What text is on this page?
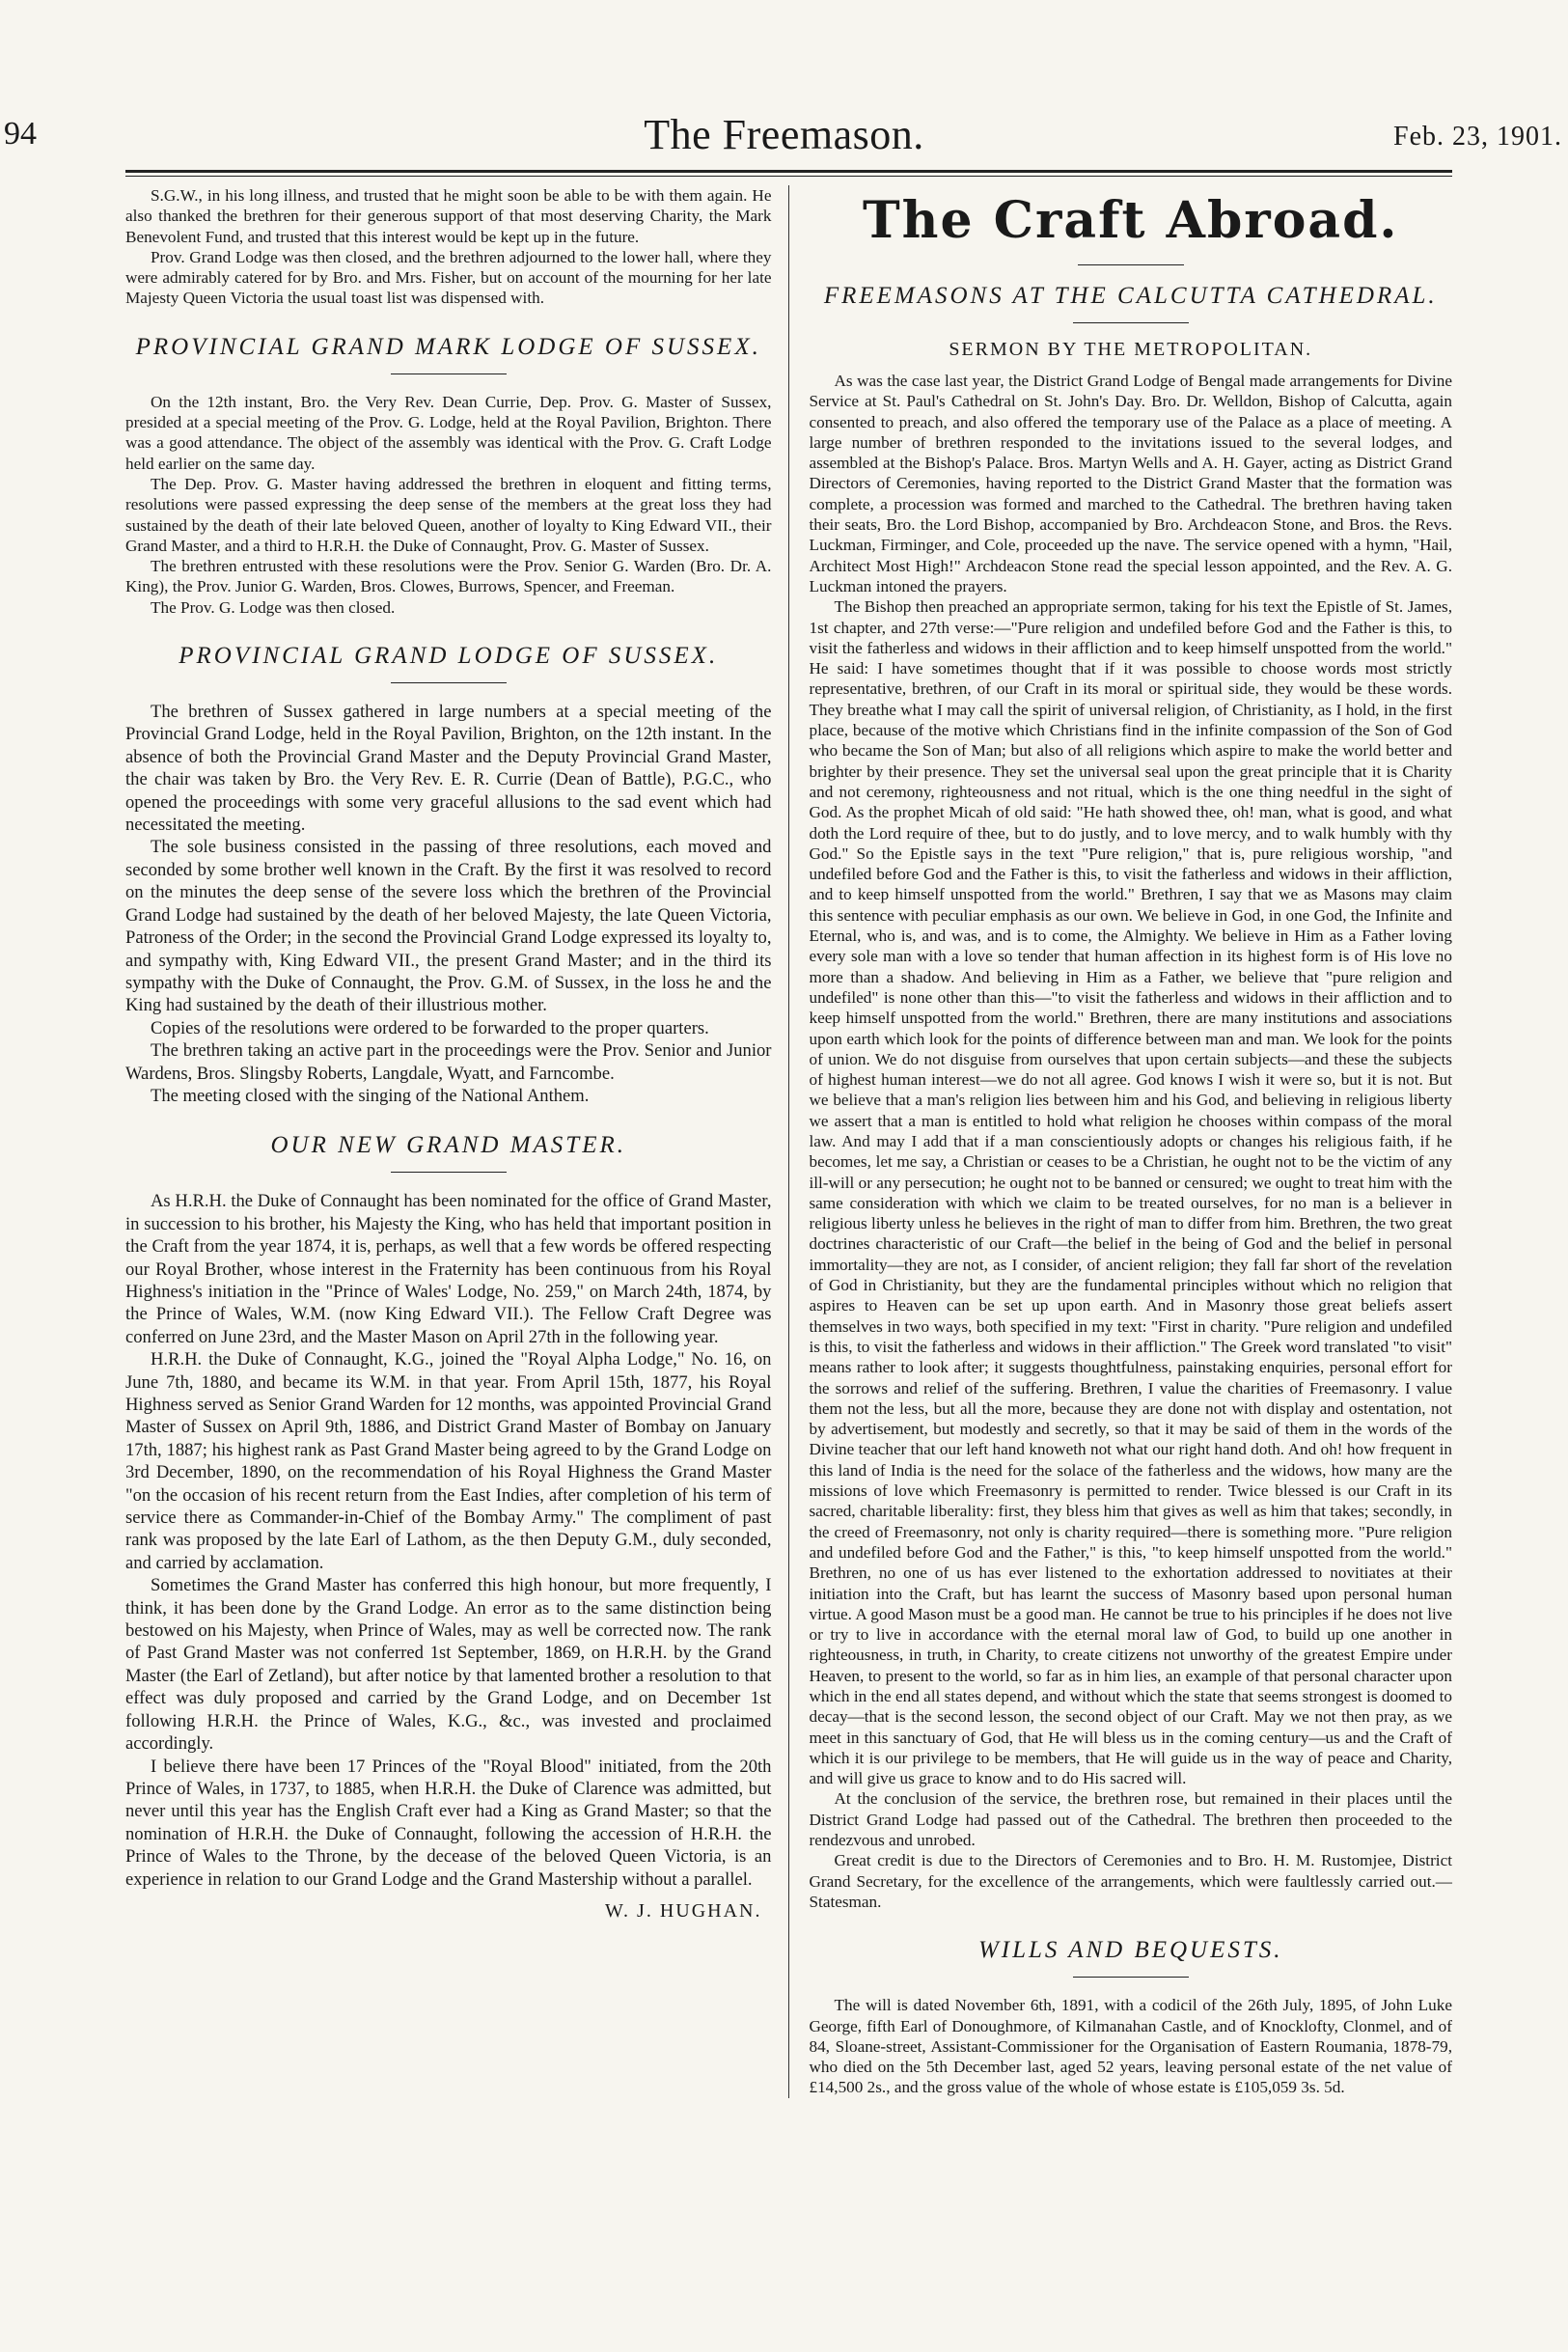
94	The Freemason.	Feb. 23, 1901.

S.G.W., in his long illness, and trusted that he might soon be able to be with them again. He also thanked the brethren for their generous support of that most deserving Charity, the Mark Benevolent Fund, and trusted that this interest would be kept up in the future.

Prov. Grand Lodge was then closed, and the brethren adjourned to the lower hall, where they were admirably catered for by Bro. and Mrs. Fisher, but on account of the mourning for her late Majesty Queen Victoria the usual toast list was dispensed with.

PROVINCIAL GRAND MARK LODGE OF SUSSEX.

On the 12th instant, Bro. the Very Rev. Dean Currie, Dep. Prov. G. Master of Sussex, presided at a special meeting of the Prov. G. Lodge, held at the Royal Pavilion, Brighton. There was a good attendance. The object of the assembly was identical with the Prov. G. Craft Lodge held earlier on the same day.

The Dep. Prov. G. Master having addressed the brethren in eloquent and fitting terms, resolutions were passed expressing the deep sense of the members at the great loss they had sustained by the death of their late beloved Queen, another of loyalty to King Edward VII., their Grand Master, and a third to H.R.H. the Duke of Connaught, Prov. G. Master of Sussex.

The brethren entrusted with these resolutions were the Prov. Senior G. Warden (Bro. Dr. A. King), the Prov. Junior G. Warden, Bros. Clowes, Burrows, Spencer, and Freeman.

The Prov. G. Lodge was then closed.

PROVINCIAL GRAND LODGE OF SUSSEX.

The brethren of Sussex gathered in large numbers at a special meeting of the Provincial Grand Lodge, held in the Royal Pavilion, Brighton, on the 12th instant. In the absence of both the Provincial Grand Master and the Deputy Provincial Grand Master, the chair was taken by Bro. the Very Rev. E. R. Currie (Dean of Battle), P.G.C., who opened the proceedings with some very graceful allusions to the sad event which had necessitated the meeting.

The sole business consisted in the passing of three resolutions, each moved and seconded by some brother well known in the Craft. By the first it was resolved to record on the minutes the deep sense of the severe loss which the brethren of the Provincial Grand Lodge had sustained by the death of her beloved Majesty, the late Queen Victoria, Patroness of the Order; in the second the Provincial Grand Lodge expressed its loyalty to, and sympathy with, King Edward VII., the present Grand Master; and in the third its sympathy with the Duke of Connaught, the Prov. G.M. of Sussex, in the loss he and the King had sustained by the death of their illustrious mother.

Copies of the resolutions were ordered to be forwarded to the proper quarters.

The brethren taking an active part in the proceedings were the Prov. Senior and Junior Wardens, Bros. Slingsby Roberts, Langdale, Wyatt, and Farncombe.

The meeting closed with the singing of the National Anthem.

OUR NEW GRAND MASTER.

As H.R.H. the Duke of Connaught has been nominated for the office of Grand Master, in succession to his brother, his Majesty the King, who has held that important position in the Craft from the year 1874, it is, perhaps, as well that a few words be offered respecting our Royal Brother, whose interest in the Fraternity has been continuous from his Royal Highness's initiation in the "Prince of Wales' Lodge, No. 259," on March 24th, 1874, by the Prince of Wales, W.M. (now King Edward VII.). The Fellow Craft Degree was conferred on June 23rd, and the Master Mason on April 27th in the following year.

H.R.H. the Duke of Connaught, K.G., joined the "Royal Alpha Lodge," No. 16, on June 7th, 1880, and became its W.M. in that year. From April 15th, 1877, his Royal Highness served as Senior Grand Warden for 12 months, was appointed Provincial Grand Master of Sussex on April 9th, 1886, and District Grand Master of Bombay on January 17th, 1887; his highest rank as Past Grand Master being agreed to by the Grand Lodge on 3rd December, 1890, on the recommendation of his Royal Highness the Grand Master "on the occasion of his recent return from the East Indies, after completion of his term of service there as Commander-in-Chief of the Bombay Army." The compliment of past rank was proposed by the late Earl of Lathom, as the then Deputy G.M., duly seconded, and carried by acclamation.

Sometimes the Grand Master has conferred this high honour, but more frequently, I think, it has been done by the Grand Lodge. An error as to the same distinction being bestowed on his Majesty, when Prince of Wales, may as well be corrected now. The rank of Past Grand Master was not conferred 1st September, 1869, on H.R.H. by the Grand Master (the Earl of Zetland), but after notice by that lamented brother a resolution to that effect was duly proposed and carried by the Grand Lodge, and on December 1st following H.R.H. the Prince of Wales, K.G., &c., was invested and proclaimed accordingly.

I believe there have been 17 Princes of the "Royal Blood" initiated, from the 20th Prince of Wales, in 1737, to 1885, when H.R.H. the Duke of Clarence was admitted, but never until this year has the English Craft ever had a King as Grand Master; so that the nomination of H.R.H. the Duke of Connaught, following the accession of H.R.H. the Prince of Wales to the Throne, by the decease of the beloved Queen Victoria, is an experience in relation to our Grand Lodge and the Grand Mastership without a parallel.

W. J. HUGHAN.
The Craft Abroad.
FREEMASONS AT THE CALCUTTA CATHEDRAL.
SERMON BY THE METROPOLITAN.

As was the case last year, the District Grand Lodge of Bengal made arrangements for Divine Service at St. Paul's Cathedral on St. John's Day. Bro. Dr. Welldon, Bishop of Calcutta, again consented to preach, and also offered the temporary use of the Palace as a place of meeting. A large number of brethren responded to the invitations issued to the several lodges, and assembled at the Bishop's Palace. Bros. Martyn Wells and A. H. Gayer, acting as District Grand Directors of Ceremonies, having reported to the District Grand Master that the formation was complete, a procession was formed and marched to the Cathedral. The brethren having taken their seats, Bro. the Lord Bishop, accompanied by Bro. Archdeacon Stone, and Bros. the Revs. Luckman, Firminger, and Cole, proceeded up the nave. The service opened with a hymn, "Hail, Architect Most High!" Archdeacon Stone read the special lesson appointed, and the Rev. A. G. Luckman intoned the prayers.

The Bishop then preached an appropriate sermon, taking for his text the Epistle of St. James, 1st chapter, and 27th verse:—"Pure religion and undefiled before God and the Father is this, to visit the fatherless and widows in their affliction and to keep himself unspotted from the world." He said: I have sometimes thought that if it was possible to choose words most strictly representative, brethren, of our Craft in its moral or spiritual side, they would be these words. They breathe what I may call the spirit of universal religion, of Christianity, as I hold, in the first place, because of the motive which Christians find in the infinite compassion of the Son of God who became the Son of Man; but also of all religions which aspire to make the world better and brighter by their presence. They set the universal seal upon the great principle that it is Charity and not ceremony, righteousness and not ritual, which is the one thing needful in the sight of God. As the prophet Micah of old said: "He hath showed thee, oh! man, what is good, and what doth the Lord require of thee, but to do justly, and to love mercy, and to walk humbly with thy God." So the Epistle says in the text "Pure religion," that is, pure religious worship, "and undefiled before God and the Father is this, to visit the fatherless and widows in their affliction, and to keep himself unspotted from the world." Brethren, I say that we as Masons may claim this sentence with peculiar emphasis as our own. We believe in God, in one God, the Infinite and Eternal, who is, and was, and is to come, the Almighty. We believe in Him as a Father loving every sole man with a love so tender that human affection in its highest form is of His love no more than a shadow. And believing in Him as a Father, we believe that "pure religion and undefiled" is none other than this—"to visit the fatherless and widows in their affliction and to keep himself unspotted from the world." Brethren, there are many institutions and associations upon earth which look for the points of difference between man and man. We look for the points of union. We do not disguise from ourselves that upon certain subjects—and these the subjects of highest human interest—we do not all agree. God knows I wish it were so, but it is not. But we believe that a man's religion lies between him and his God, and believing in religious liberty we assert that a man is entitled to hold what religion he chooses within compass of the moral law. And may I add that if a man conscientiously adopts or changes his religious faith, if he becomes, let me say, a Christian or ceases to be a Christian, he ought not to be the victim of any ill-will or any persecution; he ought not to be banned or censured; we ought to treat him with the same consideration with which we claim to be treated ourselves, for no man is a believer in religious liberty unless he believes in the right of man to differ from him. Brethren, the two great doctrines characteristic of our Craft—the belief in the being of God and the belief in personal immortality—they are not, as I consider, of ancient religion; they fall far short of the revelation of God in Christianity, but they are the fundamental principles without which no religion that aspires to Heaven can be set up upon earth. And in Masonry those great beliefs assert themselves in two ways, both specified in my text: "First in charity. "Pure religion and undefiled is this, to visit the fatherless and widows in their affliction." The Greek word translated "to visit" means rather to look after; it suggests thoughtfulness, painstaking enquiries, personal effort for the sorrows and relief of the suffering. Brethren, I value the charities of Freemasonry. I value them not the less, but all the more, because they are done not with display and ostentation, not by advertisement, but modestly and secretly, so that it may be said of them in the words of the Divine teacher that our left hand knoweth not what our right hand doth. And oh! how frequent in this land of India is the need for the solace of the fatherless and the widows, how many are the missions of love which Freemasonry is permitted to render. Twice blessed is our Craft in its sacred, charitable liberality: first, they bless him that gives as well as him that takes; secondly, in the creed of Freemasonry, not only is charity required—there is something more. "Pure religion and undefiled before God and the Father," is this, "to keep himself unspotted from the world." Brethren, no one of us has ever listened to the exhortation addressed to novitiates at their initiation into the Craft, but has learnt the success of Masonry based upon personal human virtue. A good Mason must be a good man. He cannot be true to his principles if he does not live or try to live in accordance with the eternal moral law of God, to build up one another in righteousness, in truth, in Charity, to create citizens not unworthy of the greatest Empire under Heaven, to present to the world, so far as in him lies, an example of that personal character upon which in the end all states depend, and without which the state that seems strongest is doomed to decay—that is the second lesson, the second object of our Craft. May we not then pray, as we meet in this sanctuary of God, that He will bless us in the coming century—us and the Craft of which it is our privilege to be members, that He will guide us in the way of peace and Charity, and will give us grace to know and to do His sacred will.

At the conclusion of the service, the brethren rose, but remained in their places until the District Grand Lodge had passed out of the Cathedral. The brethren then proceeded to the rendezvous and unrobed.

Great credit is due to the Directors of Ceremonies and to Bro. H. M. Rustomjee, District Grand Secretary, for the excellence of the arrangements, which were faultlessly carried out.—Statesman.

WILLS AND BEQUESTS.

The will is dated November 6th, 1891, with a codicil of the 26th July, 1895, of John Luke George, fifth Earl of Donoughmore, of Kilmanahan Castle, and of Knocklofty, Clonmel, and of 84, Sloane-street, Assistant-Commissioner for the Organisation of Eastern Roumania, 1878-79, who died on the 5th December last, aged 52 years, leaving personal estate of the net value of £14,500 2s., and the gross value of the whole of whose estate is £105,059 3s. 5d.
